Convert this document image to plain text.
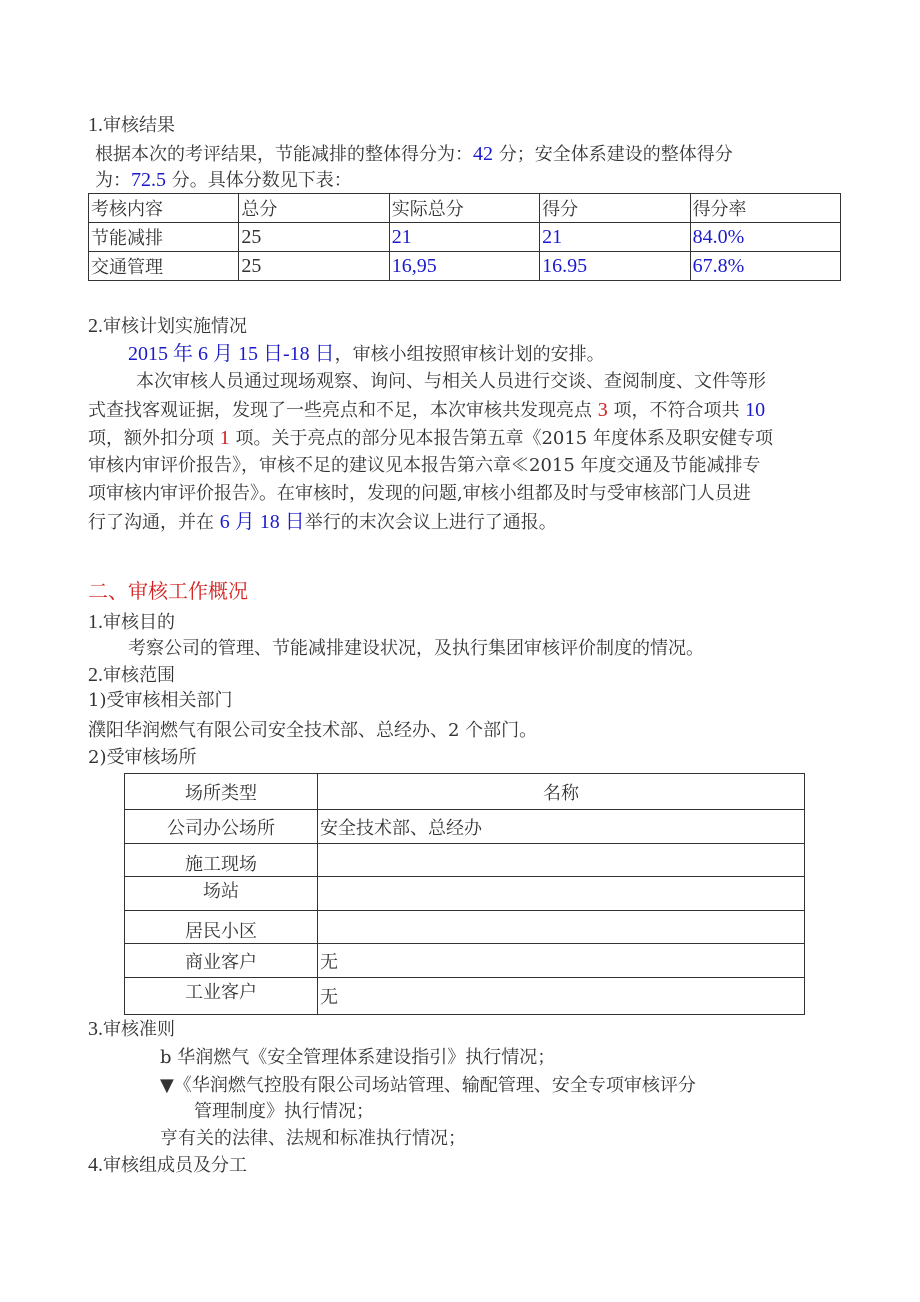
1.审核结果
根据本次的考评结果，节能减排的整体得分为：42 分；安全体系建设的整体得分
为：72.5 分。具体分数见下表：
考核内容	总分	实际总分	得分	得分率
节能减排	25	21	21	84.0%
交通管理	25	16,95	16.95	67.8%
2.审核计划实施情况
2015 年 6 月 15 日-18 日，审核小组按照审核计划的安排。
本次审核人员通过现场观察、询问、与相关人员进行交谈、查阅制度、文件等形
式查找客观证据，发现了一些亮点和不足，本次审核共发现亮点 3 项，不符合项共 10
项，额外扣分项 1 项。关于亮点的部分见本报告第五章《2015 年度体系及职安健专项
审核内审评价报告》，审核不足的建议见本报告第六章≪2015 年度交通及节能减排专
项审核内审评价报告》。在审核时，发现的问题,审核小组都及时与受审核部门人员进
行了沟通，并在 6 月 18 日举行的末次会议上进行了通报。
二、审核工作概况
1.审核目的
考察公司的管理、节能减排建设状况，及执行集团审核评价制度的情况。
2.审核范围
1)受审核相关部门
濮阳华润燃气有限公司安全技术部、总经办、2 个部门。
2)受审核场所
场所类型	名称
公司办公场所	安全技术部、总经办
施工现场	
场站	
居民小区	
商业客户	无
工业客户	无
3.审核准则
b 华润燃气《安全管理体系建设指引》执行情况；
▼《华润燃气控股有限公司场站管理、输配管理、安全专项审核评分
管理制度》执行情况；
亨有关的法律、法规和标准执行情况；
4.审核组成员及分工
